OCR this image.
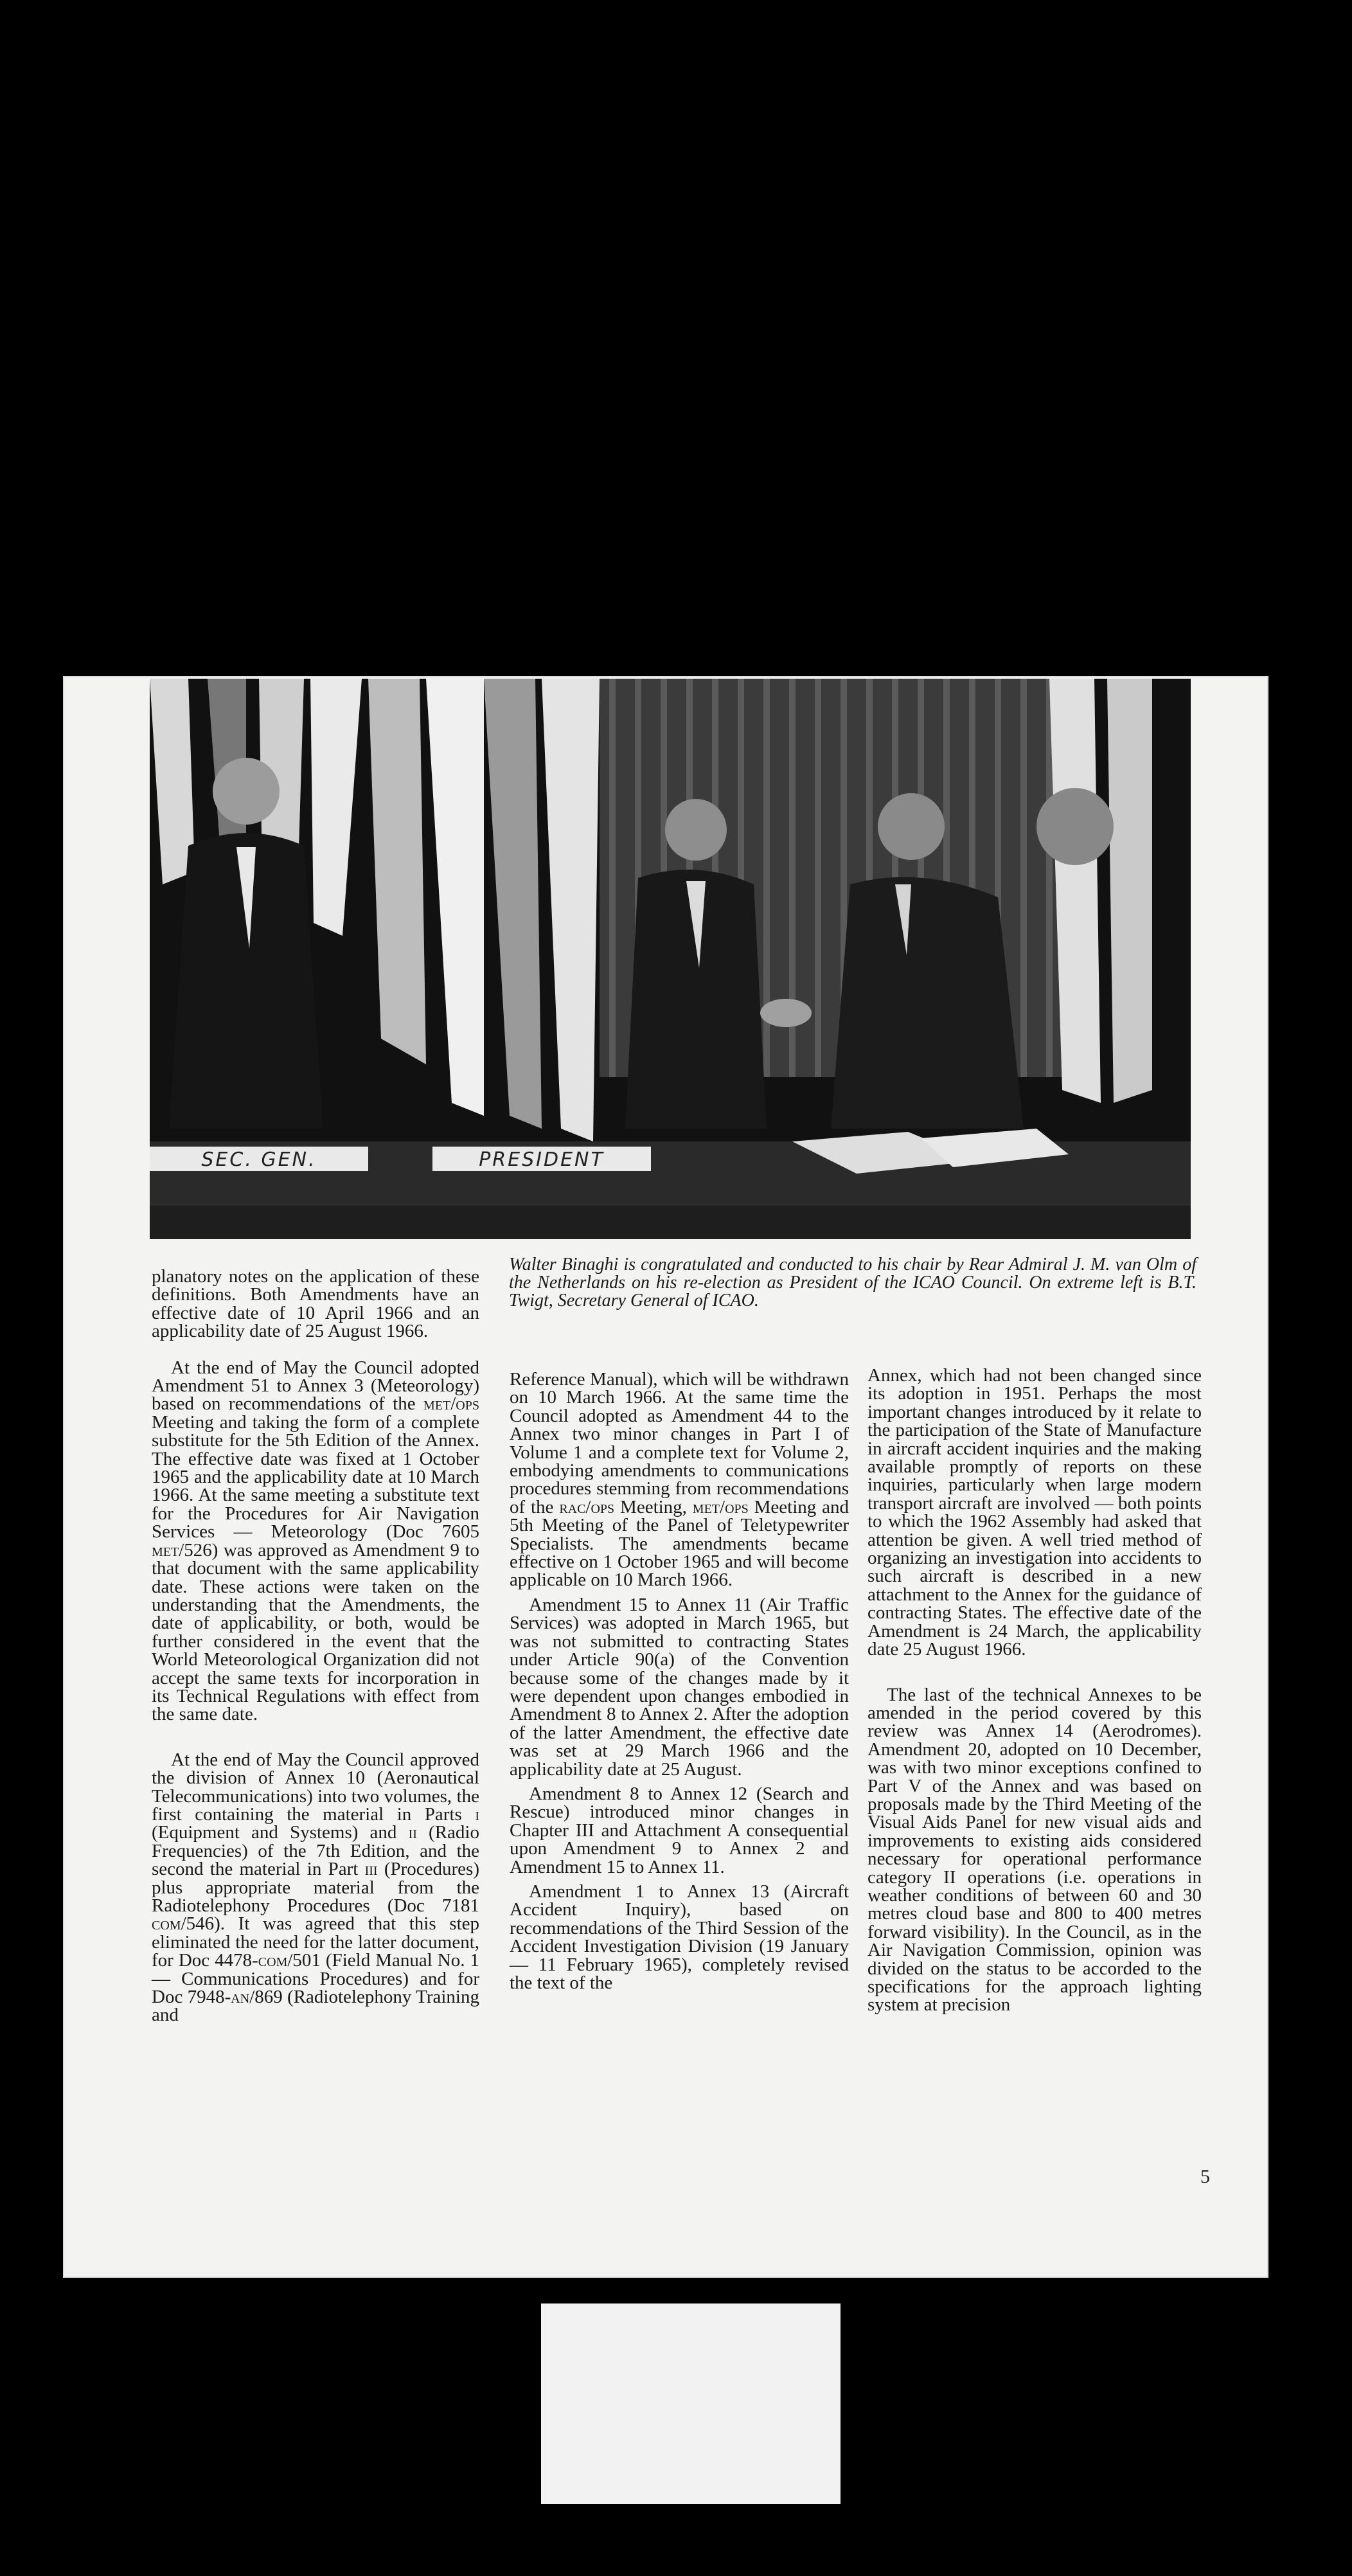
SEC. GEN.	PRESIDENT
Walter Binaghi is congratulated and conducted to his chair by Rear Admiral J. M. van Olm of the Netherlands on his re-election as President of the ICAO Council. On extreme left is B.T. Twigt, Secretary General of ICAO.

planatory notes on the application of these definitions. Both Amendments have an effective date of 10 April 1966 and an applicability date of 25 August 1966.

At the end of May the Council adopted Amendment 51 to Annex 3 (Meteorology) based on recommendations of the met/ops Meeting and taking the form of a complete substitute for the 5th Edition of the Annex. The effective date was fixed at 1 October 1965 and the applicability date at 10 March 1966. At the same meeting a substitute text for the Procedures for Air Navigation Services — Meteorology (Doc 7605 met/526) was approved as Amendment 9 to that document with the same applicability date. These actions were taken on the understanding that the Amendments, the date of applicability, or both, would be further considered in the event that the World Meteorological Organization did not accept the same texts for incorporation in its Technical Regulations with effect from the same date.

At the end of May the Council approved the division of Annex 10 (Aeronautical Telecommunications) into two volumes, the first containing the material in Parts i (Equipment and Systems) and ii (Radio Frequencies) of the 7th Edition, and the second the material in Part iii (Procedures) plus appropriate material from the Radiotelephony Procedures (Doc 7181 com/546). It was agreed that this step eliminated the need for the latter document, for Doc 4478-com/501 (Field Manual No. 1 — Communications Procedures) and for Doc 7948-an/869 (Radiotelephony Training and

Reference Manual), which will be withdrawn on 10 March 1966. At the same time the Council adopted as Amendment 44 to the Annex two minor changes in Part I of Volume 1 and a complete text for Volume 2, embodying amendments to communications procedures stemming from recommendations of the rac/ops Meeting, met/ops Meeting and 5th Meeting of the Panel of Teletypewriter Specialists. The amendments became effective on 1 October 1965 and will become applicable on 10 March 1966.

Amendment 15 to Annex 11 (Air Traffic Services) was adopted in March 1965, but was not submitted to contracting States under Article 90(a) of the Convention because some of the changes made by it were dependent upon changes embodied in Amendment 8 to Annex 2. After the adoption of the latter Amendment, the effective date was set at 29 March 1966 and the applicability date at 25 August.

Amendment 8 to Annex 12 (Search and Rescue) introduced minor changes in Chapter III and Attachment A consequential upon Amendment 9 to Annex 2 and Amendment 15 to Annex 11.

Amendment 1 to Annex 13 (Aircraft Accident Inquiry), based on recommendations of the Third Session of the Accident Investigation Division (19 January — 11 February 1965), completely revised the text of the

Annex, which had not been changed since its adoption in 1951. Perhaps the most important changes introduced by it relate to the participation of the State of Manufacture in aircraft accident inquiries and the making available promptly of reports on these inquiries, particularly when large modern transport aircraft are involved — both points to which the 1962 Assembly had asked that attention be given. A well tried method of organizing an investigation into accidents to such aircraft is described in a new attachment to the Annex for the guidance of contracting States. The effective date of the Amendment is 24 March, the applicability date 25 August 1966.

The last of the technical Annexes to be amended in the period covered by this review was Annex 14 (Aerodromes). Amendment 20, adopted on 10 December, was with two minor exceptions confined to Part V of the Annex and was based on proposals made by the Third Meeting of the Visual Aids Panel for new visual aids and improvements to existing aids considered necessary for operational performance category II operations (i.e. operations in weather conditions of between 60 and 30 metres cloud base and 800 to 400 metres forward visibility). In the Council, as in the Air Navigation Commission, opinion was divided on the status to be accorded to the specifications for the approach lighting system at precision

5
